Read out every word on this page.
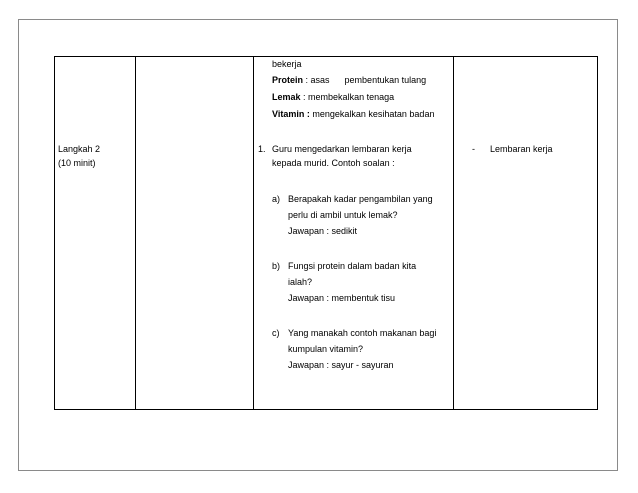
Langkah 2
(10 minit)
bekerja
Protein : asas      pembentukan tulang
Lemak : membekalkan tenaga
Vitamin : mengekalkan kesihatan badan
1. Guru mengedarkan lembaran kerja
kepada murid. Contoh soalan :
a) Berapakah kadar pengambilan yang
perlu di ambil untuk lemak?
Jawapan : sedikit
b) Fungsi protein dalam badan kita
ialah?
Jawapan : membentuk tisu
c) Yang manakah contoh makanan bagi
kumpulan vitamin?
Jawapan : sayur - sayuran
- Lembaran kerja
